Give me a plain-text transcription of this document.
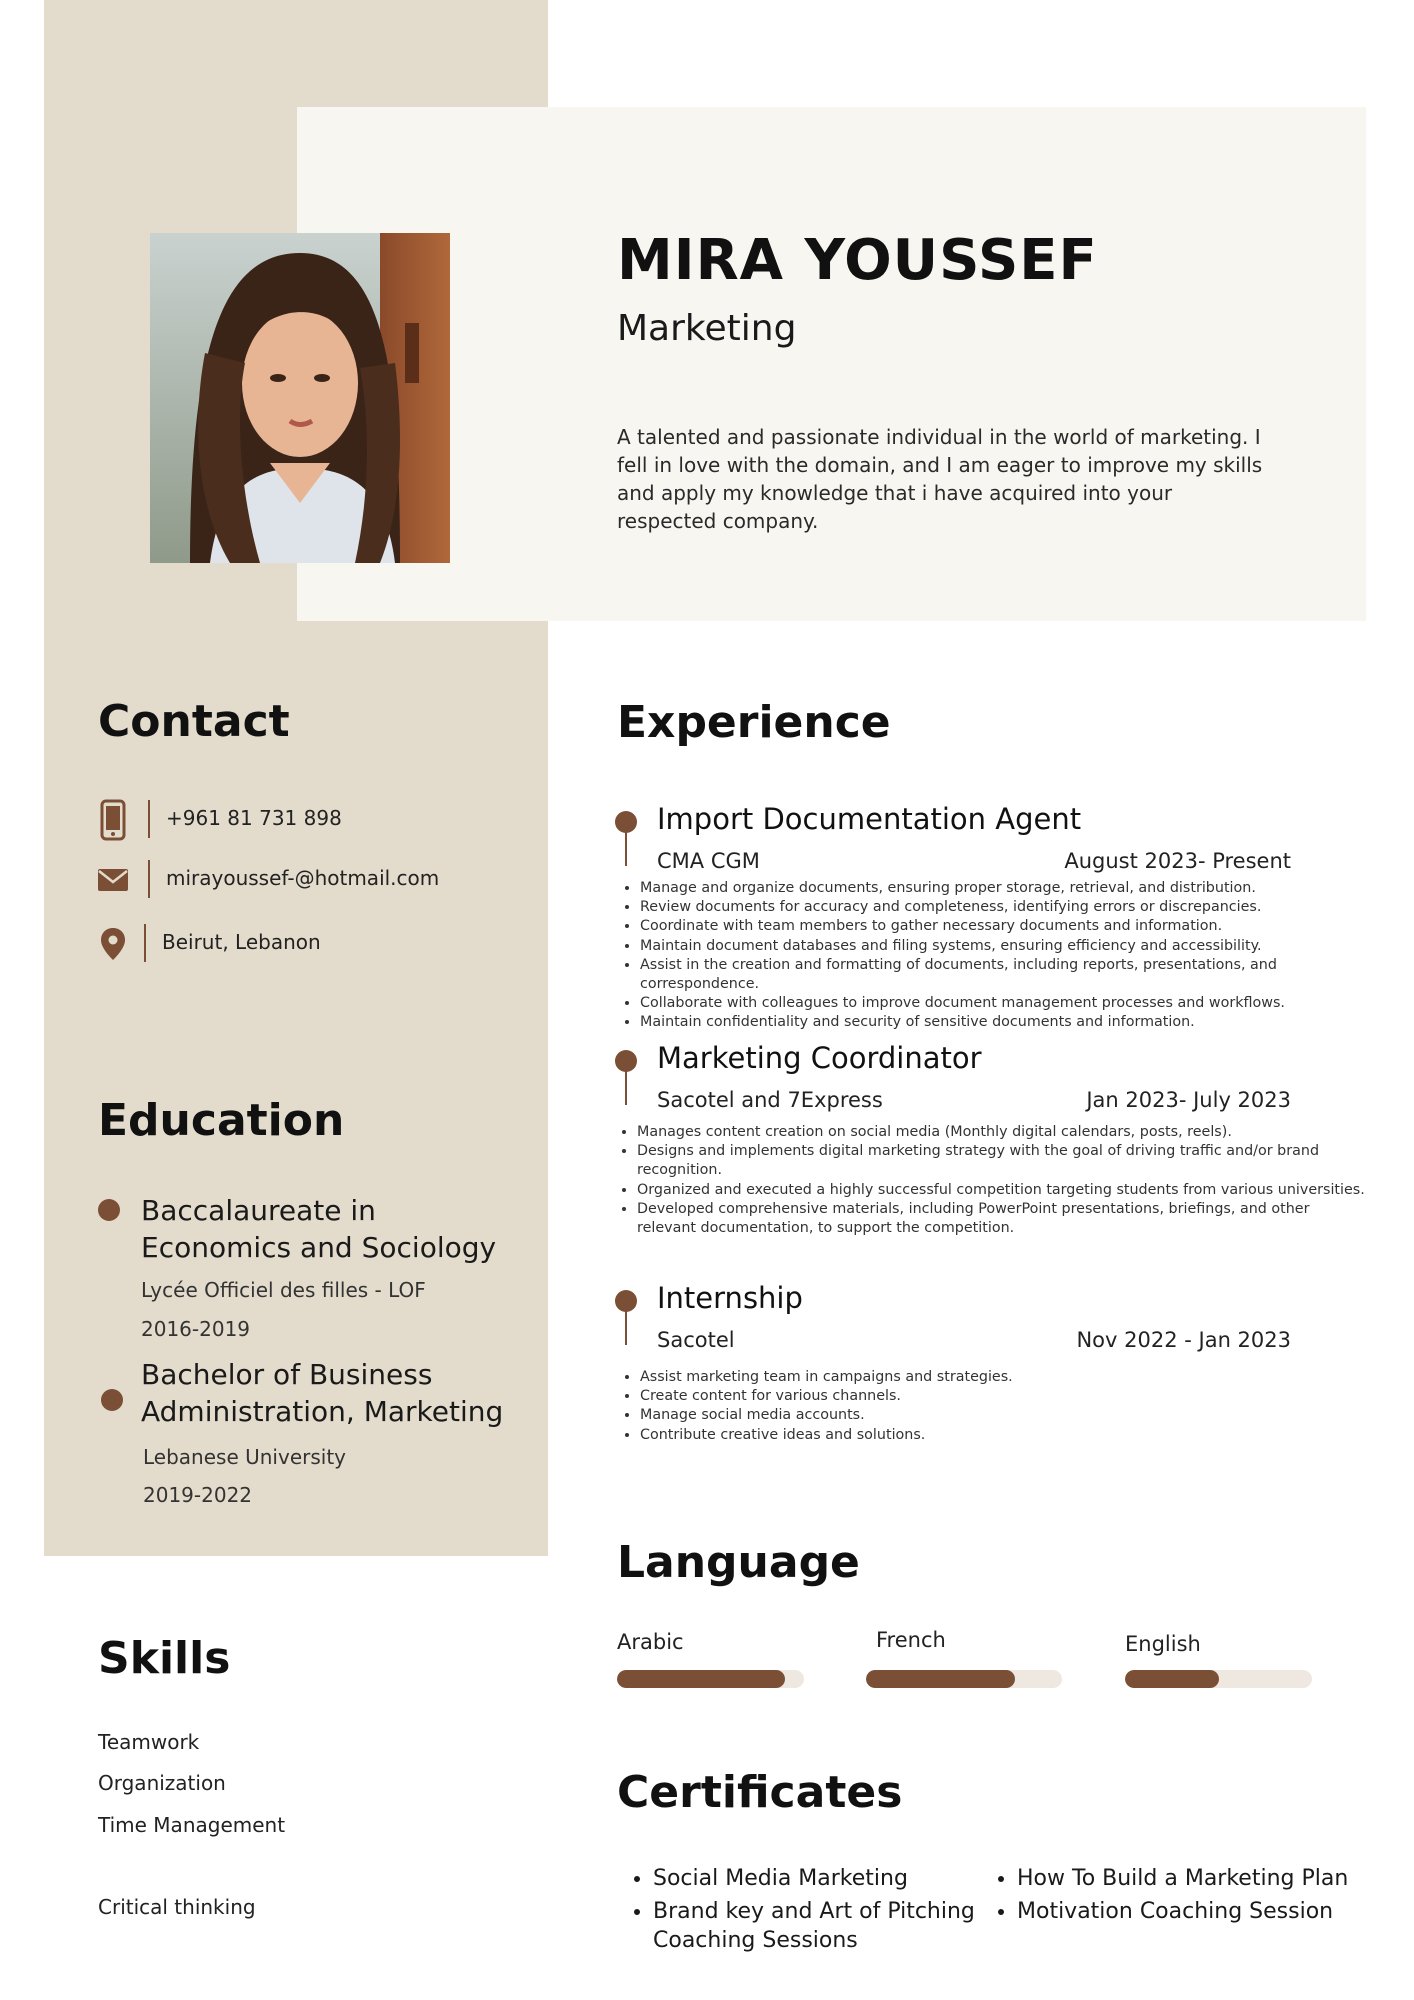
MIRA YOUSSEF
Marketing
A talented and passionate individual in the world of marketing. I fell in love with the domain, and I am eager to improve my skills and apply my knowledge that i have acquired into your respected company.
Contact
+961 81 731 898
mirayoussef-@hotmail.com
Beirut, Lebanon
Education
Baccalaureate in
Economics and Sociology
Lycée Officiel des filles - LOF
2016-2019
Bachelor of Business
Administration, Marketing
Lebanese University
2019-2022
Skills
Teamwork
Organization
Time Management
Critical thinking
Experience
Import Documentation Agent
CMA CGM	August 2023- Present
• Manage and organize documents, ensuring proper storage, retrieval, and distribution.
• Review documents for accuracy and completeness, identifying errors or discrepancies.
• Coordinate with team members to gather necessary documents and information.
• Maintain document databases and filing systems, ensuring efficiency and accessibility.
• Assist in the creation and formatting of documents, including reports, presentations, and correspondence.
• Collaborate with colleagues to improve document management processes and workflows.
• Maintain confidentiality and security of sensitive documents and information.
Marketing Coordinator
Sacotel and 7Express	Jan 2023- July 2023
• Manages content creation on social media (Monthly digital calendars, posts, reels).
• Designs and implements digital marketing strategy with the goal of driving traffic and/or brand recognition.
• Organized and executed a highly successful competition targeting students from various universities.
• Developed comprehensive materials, including PowerPoint presentations, briefings, and other relevant documentation, to support the competition.
Internship
Sacotel	Nov 2022 - Jan 2023
• Assist marketing team in campaigns and strategies.
• Create content for various channels.
• Manage social media accounts.
• Contribute creative ideas and solutions.
Language
Arabic	French	English
Certificates
• Social Media Marketing
• Brand key and Art of Pitching Coaching Sessions
• How To Build a Marketing Plan
• Motivation Coaching Session
